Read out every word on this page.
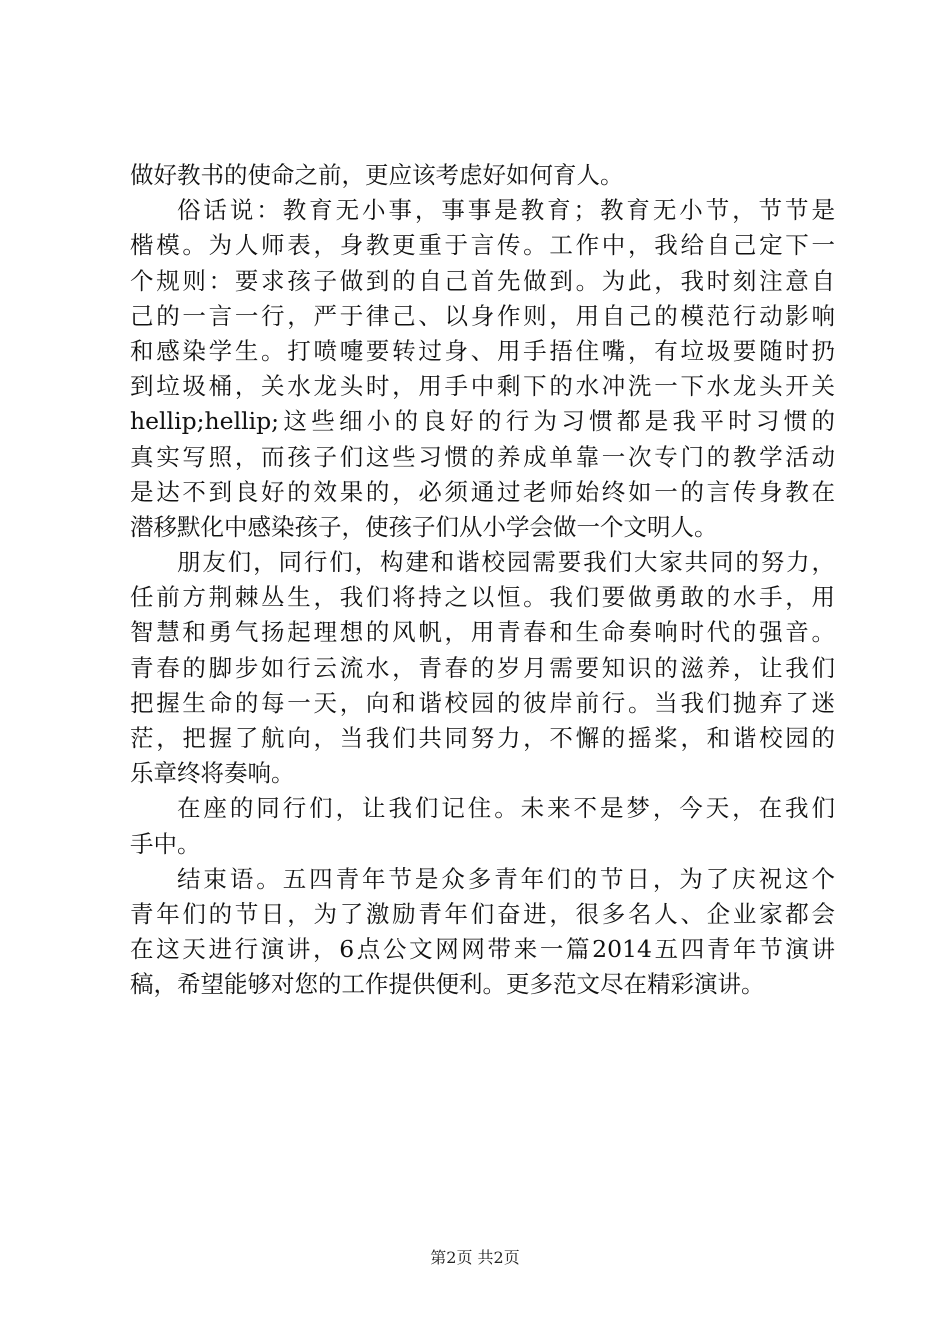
做好教书的使命之前，更应该考虑好如何育人。
俗话说：教育无小事，事事是教育；教育无小节，节节是
楷模。为人师表，身教更重于言传。工作中，我给自己定下一
个规则：要求孩子做到的自己首先做到。为此，我时刻注意自
己的一言一行，严于律己、以身作则，用自己的模范行动影响
和感染学生。打喷嚏要转过身、用手捂住嘴，有垃圾要随时扔
到垃圾桶，关水龙头时，用手中剩下的水冲洗一下水龙头开关
hellip;hellip;这些细小的良好的行为习惯都是我平时习惯的
真实写照，而孩子们这些习惯的养成单靠一次专门的教学活动
是达不到良好的效果的，必须通过老师始终如一的言传身教在
潜移默化中感染孩子，使孩子们从小学会做一个文明人。
朋友们，同行们，构建和谐校园需要我们大家共同的努力，
任前方荆棘丛生，我们将持之以恒。我们要做勇敢的水手，用
智慧和勇气扬起理想的风帆，用青春和生命奏响时代的强音。
青春的脚步如行云流水，青春的岁月需要知识的滋养，让我们
把握生命的每一天，向和谐校园的彼岸前行。当我们抛弃了迷
茫，把握了航向，当我们共同努力，不懈的摇桨，和谐校园的
乐章终将奏响。
在座的同行们，让我们记住。未来不是梦，今天，在我们
手中。
结束语。五四青年节是众多青年们的节日，为了庆祝这个
青年们的节日，为了激励青年们奋进，很多名人、企业家都会
在这天进行演讲，6点公文网网带来一篇2014五四青年节演讲
稿，希望能够对您的工作提供便利。更多范文尽在精彩演讲。
第2页 共2页
